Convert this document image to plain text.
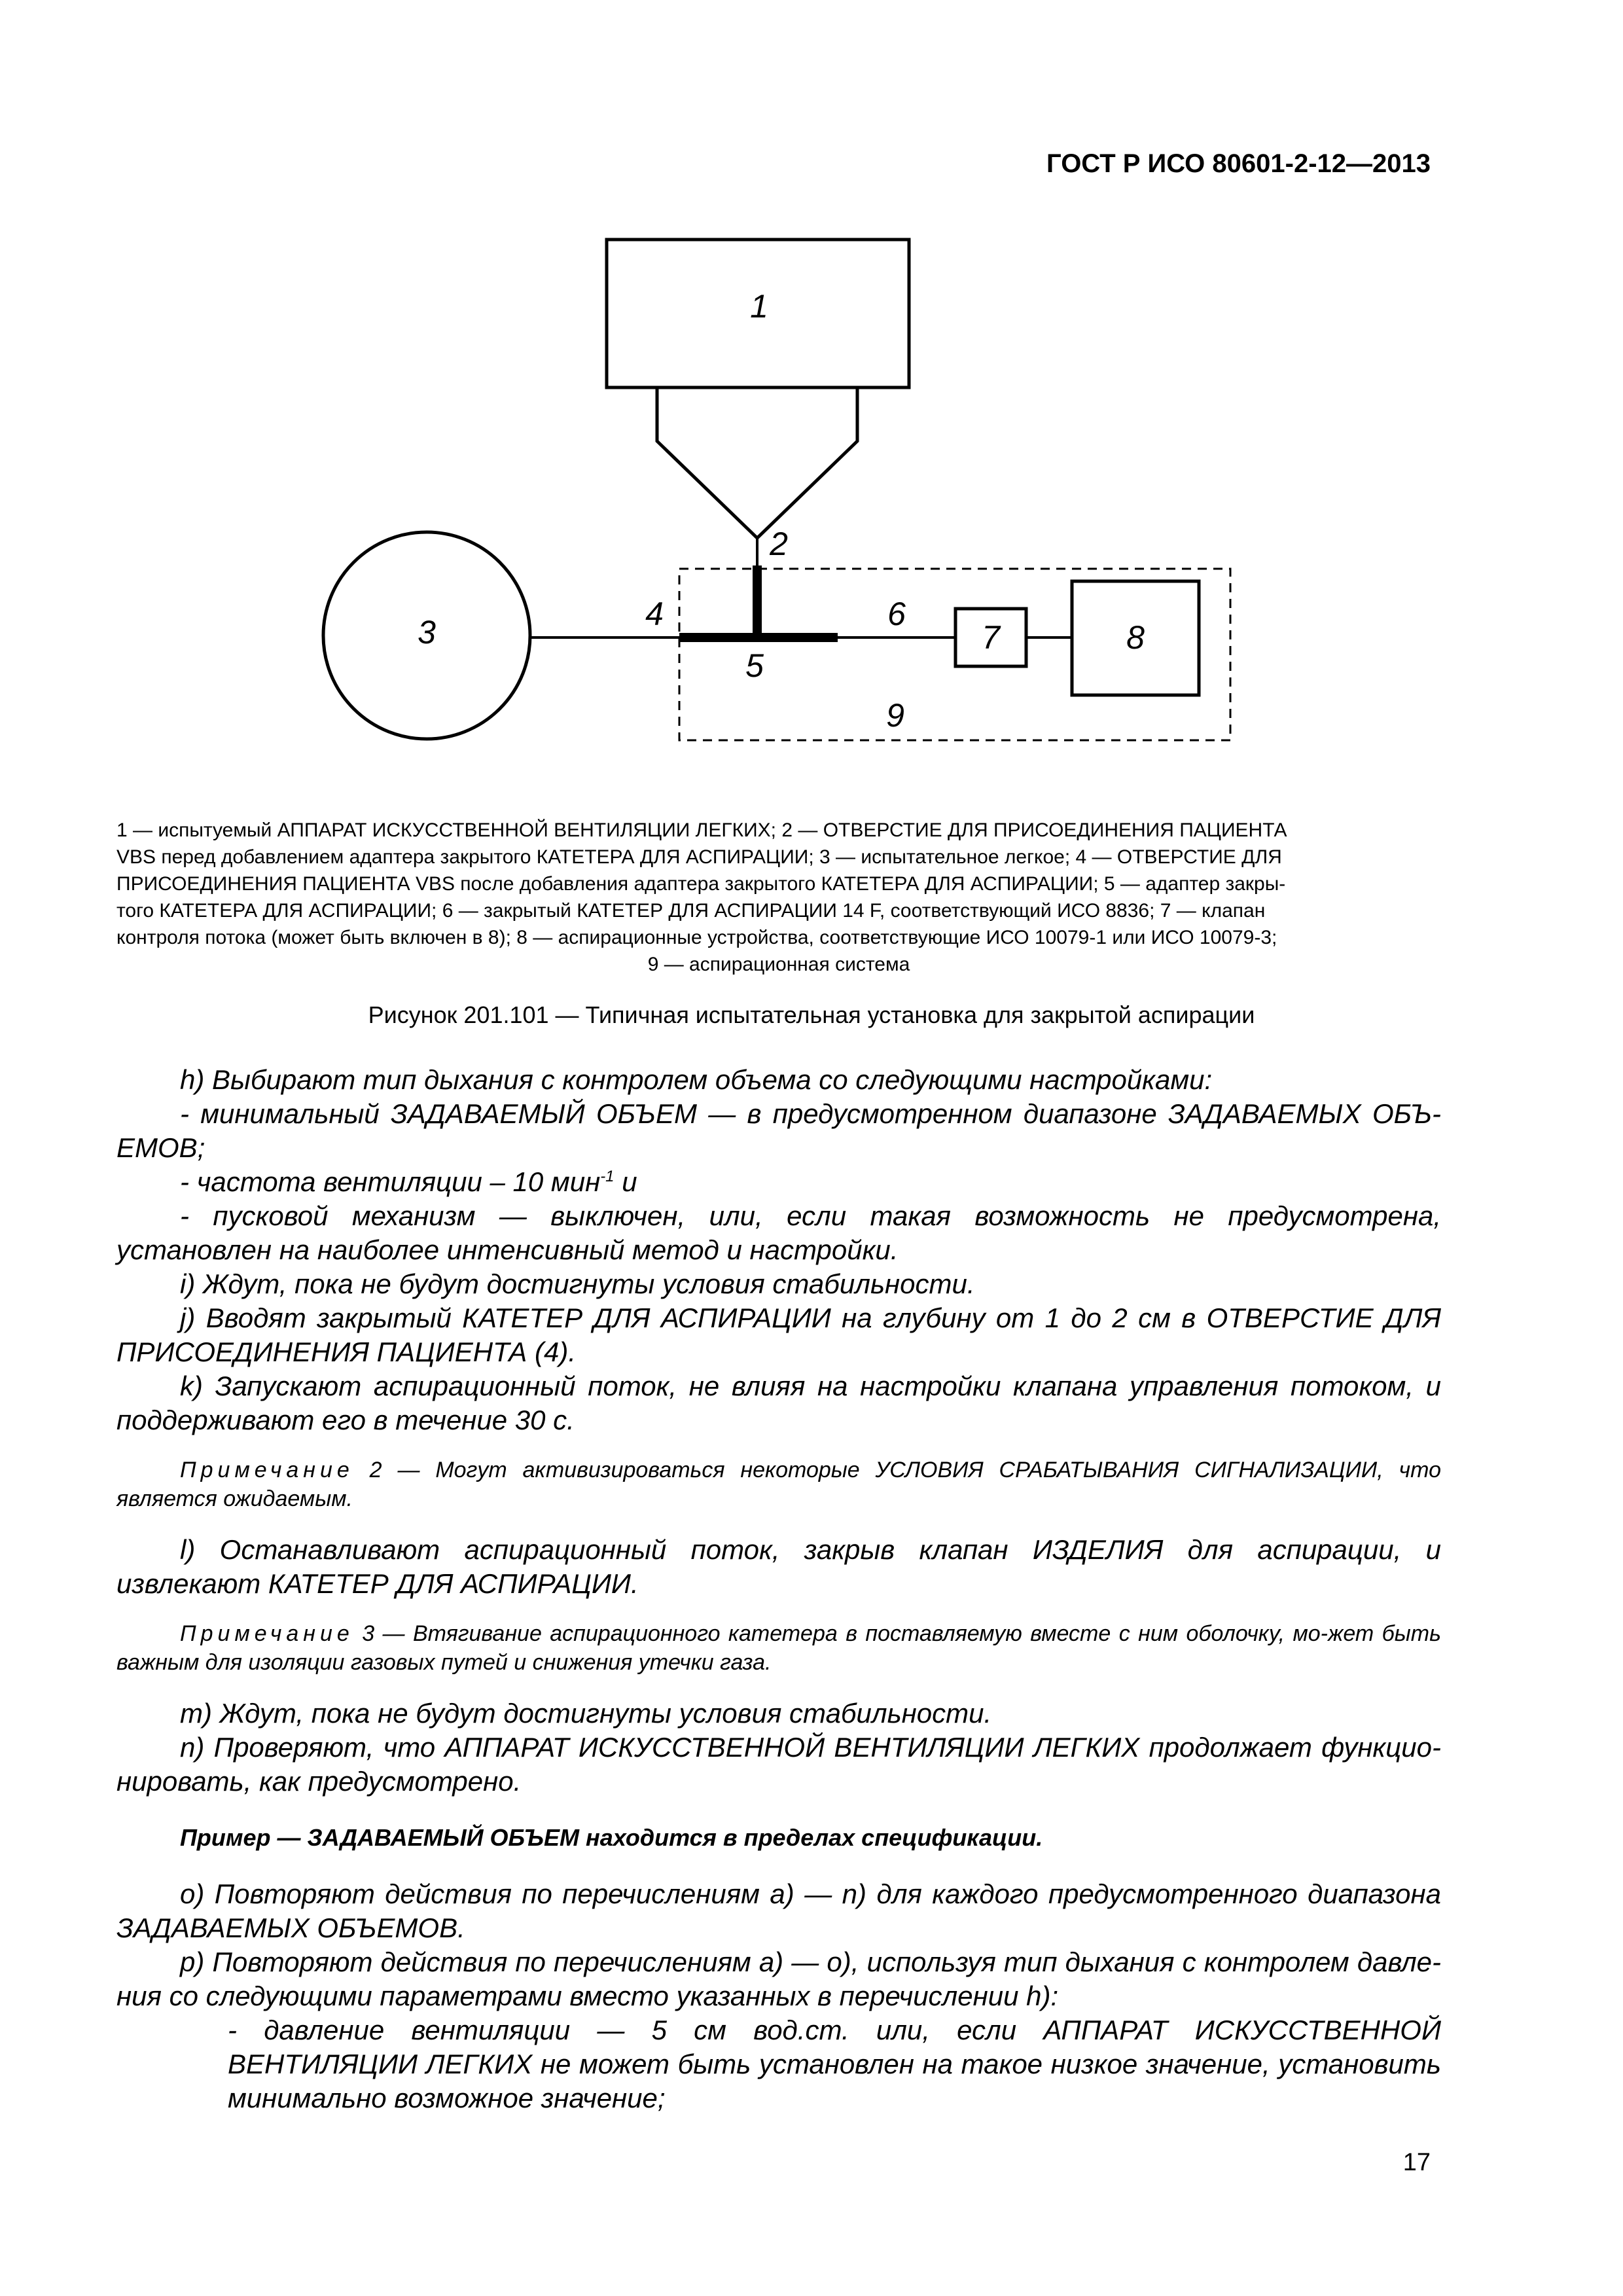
ГОСТ Р ИСО 80601-2-12—2013
1
2
3	4
5
6
7	8
9
1 — испытуемый АППАРАТ ИСКУССТВЕННОЙ ВЕНТИЛЯЦИИ ЛЕГКИХ; 2 — ОТВЕРСТИЕ ДЛЯ ПРИСОЕДИНЕНИЯ ПАЦИЕНТА
VBS перед добавлением адаптера закрытого КАТЕТЕРА ДЛЯ АСПИРАЦИИ; 3 — испытательное легкое; 4 — ОТВЕРСТИЕ ДЛЯ
ПРИСОЕДИНЕНИЯ ПАЦИЕНТА VBS после добавления адаптера закрытого КАТЕТЕРА ДЛЯ АСПИРАЦИИ; 5 — адаптер закры-
того КАТЕТЕРА ДЛЯ АСПИРАЦИИ; 6 — закрытый КАТЕТЕР ДЛЯ АСПИРАЦИИ 14 F, соответствующий ИСО 8836; 7 — клапан
контроля потока (может быть включен в 8); 8 — аспирационные устройства, соответствующие ИСО 10079-1 или ИСО 10079-3;
9 — аспирационная система
Рисунок 201.101 — Типичная испытательная установка для закрытой аспирации

h) Выбирают тип дыхания с контролем объема со следующими настройками:

- минимальный ЗАДАВАЕМЫЙ ОБЪЕМ — в предусмотренном диапазоне ЗАДАВАЕМЫХ ОБЪ-ЕМОВ;

- частота вентиляции – 10 мин$^{-1}$ и

- пусковой механизм — выключен, или, если такая возможность не предусмотрена, установлен на наиболее интенсивный метод и настройки.

i) Ждут, пока не будут достигнуты условия стабильности.

j) Вводят закрытый КАТЕТЕР ДЛЯ АСПИРАЦИИ на глубину от 1 до 2 см в ОТВЕРСТИЕ ДЛЯ ПРИСОЕДИНЕНИЯ ПАЦИЕНТА (4).

k) Запускают аспирационный поток, не влияя на настройки клапана управления потоком, и поддерживают его в течение 30 с.

Примечание 2 — Могут активизироваться некоторые УСЛОВИЯ СРАБАТЫВАНИЯ СИГНАЛИЗАЦИИ, что является ожидаемым.

l) Останавливают аспирационный поток, закрыв клапан ИЗДЕЛИЯ для аспирации, и извлекают КАТЕТЕР ДЛЯ АСПИРАЦИИ.

Примечание 3 — Втягивание аспирационного катетера в поставляемую вместе с ним оболочку, мо-жет быть важным для изоляции газовых путей и снижения утечки газа.

m) Ждут, пока не будут достигнуты условия стабильности.

n) Проверяют, что АППАРАТ ИСКУССТВЕННОЙ ВЕНТИЛЯЦИИ ЛЕГКИХ продолжает функцио-нировать, как предусмотрено.

Пример — ЗАДАВАЕМЫЙ ОБЪЕМ находится в пределах спецификации.

o) Повторяют действия по перечислениям a) — n) для каждого предусмотренного диапазона ЗАДАВАЕМЫХ ОБЪЕМОВ.

p) Повторяют действия по перечислениям a) — o), используя тип дыхания с контролем давле-ния со следующими параметрами вместо указанных в перечислении h):

- давление вентиляции — 5 см вод.ст. или, если АППАРАТ ИСКУССТВЕННОЙ ВЕНТИЛЯЦИИ ЛЕГКИХ не может быть установлен на такое низкое значение, установить минимально возможное значение;

17
